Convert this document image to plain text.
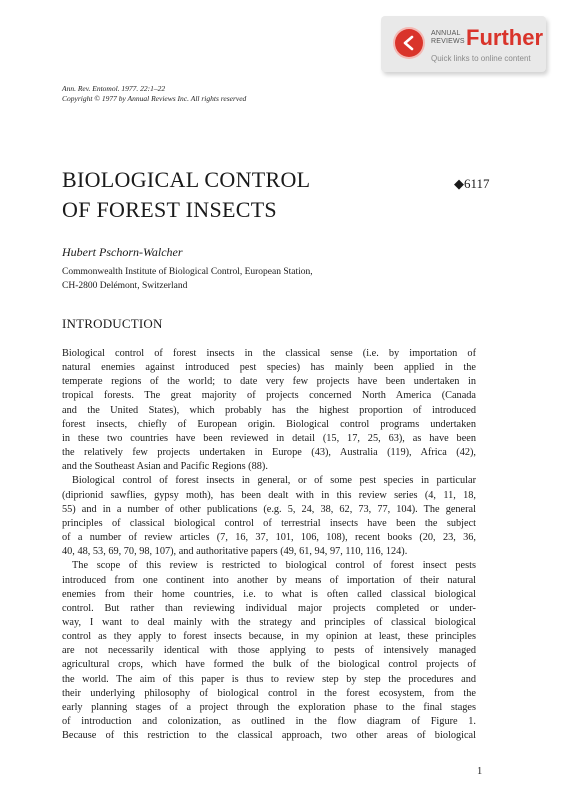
ANNUAL
REVIEWS Further
Quick links to online content
Ann. Rev. Entomol. 1977. 22:1–22
Copyright © 1977 by Annual Reviews Inc. All rights reserved
BIOLOGICAL CONTROL
OF FOREST INSECTS
◆6117
Hubert Pschorn-Walcher
Commonwealth Institute of Biological Control, European Station,
CH-2800 Delémont, Switzerland
INTRODUCTION
Biological control of forest insects in the classical sense (i.e. by importation of
natural enemies against introduced pest species) has mainly been applied in the
temperate regions of the world; to date very few projects have been undertaken in
tropical forests. The great majority of projects concerned North America (Canada
and the United States), which probably has the highest proportion of introduced
forest insects, chiefly of European origin. Biological control programs undertaken
in these two countries have been reviewed in detail (15, 17, 25, 63), as have been
the relatively few projects undertaken in Europe (43), Australia (119), Africa (42),
and the Southeast Asian and Pacific Regions (88).
Biological control of forest insects in general, or of some pest species in particular
(diprionid sawflies, gypsy moth), has been dealt with in this review series (4, 11, 18,
55) and in a number of other publications (e.g. 5, 24, 38, 62, 73, 77, 104). The general
principles of classical biological control of terrestrial insects have been the subject
of a number of review articles (7, 16, 37, 101, 106, 108), recent books (20, 23, 36,
40, 48, 53, 69, 70, 98, 107), and authoritative papers (49, 61, 94, 97, 110, 116, 124).
The scope of this review is restricted to biological control of forest insect pests
introduced from one continent into another by means of importation of their natural
enemies from their home countries, i.e. to what is often called classical biological
control. But rather than reviewing individual major projects completed or under-
way, I want to deal mainly with the strategy and principles of classical biological
control as they apply to forest insects because, in my opinion at least, these principles
are not necessarily identical with those applying to pests of intensively managed
agricultural crops, which have formed the bulk of the biological control projects of
the world. The aim of this paper is thus to review step by step the procedures and
their underlying philosophy of biological control in the forest ecosystem, from the
early planning stages of a project through the exploration phase to the final stages
of introduction and colonization, as outlined in the flow diagram of Figure 1.
Because of this restriction to the classical approach, two other areas of biological
1
